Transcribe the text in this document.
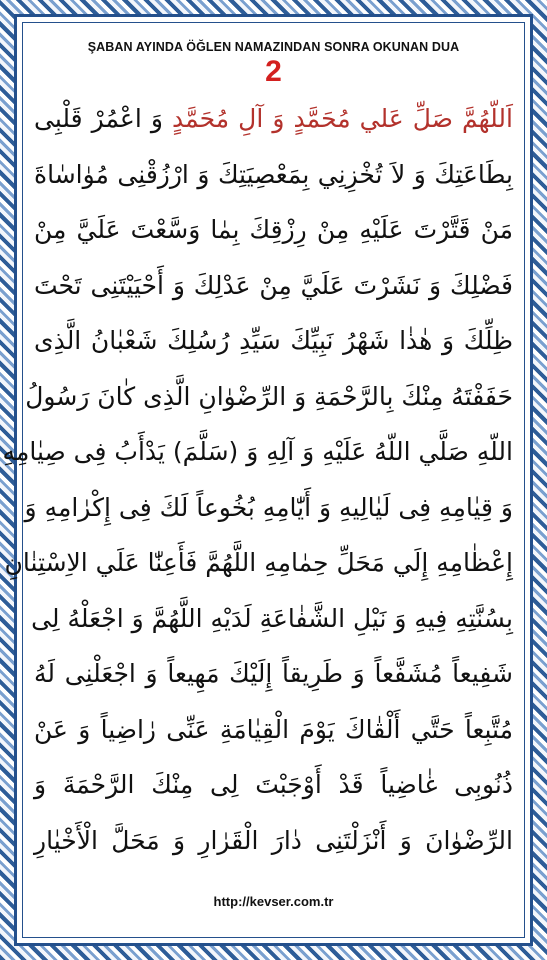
ŞABAN AYINDA ÖĞLEN NAMAZINDAN SONRA OKUNAN DUA
2
اَللّهُمَّ صَلِّ عَلي مُحَمَّدٍ وَ آلِ مُحَمَّدٍ وَ اعْمُرْ قَلْبِى
بِطَاعَتِكَ وَ لاَ تُخْزِنِي بِمَعْصِيَتِكَ وَ ارْزُقْنِى مُوٰاسٰاةَ
مَنْ قَتَّرْتَ عَلَيْهِ مِنْ رِزْقِكَ بِمٰا وَسَّعْتَ عَلَيَّ مِنْ
فَضْلِكَ وَ نَشَرْتَ عَلَيَّ مِنْ عَدْلِكَ وَ أَحْيَيْتَنِى تَحْتَ
ظِلِّكَ وَ هٰذٰا شَهْرُ نَبِيِّكَ سَيِّدِ رُسُلِكَ شَعْبٰانُ الَّذِى
حَفَفْتَهُ مِنْكَ بِالرَّحْمَةِ وَ الرِّضْوٰانِ الَّذِى كٰانَ رَسُولُ
اللّهِ صَلَّي اللّهُ عَلَيْهِ وَ آلِهِ وَ (سَلَّمَ) يَدْأَبُ فِى صِيٰامِهِ
وَ قِيٰامِهِ فِى لَيٰالِيهِ وَ أَيّٰامِهِ بُخُوعاً لَكَ فِى إِكْرٰامِهِ وَ
إِعْظٰامِهِ إِلَي مَحَلِّ حِمٰامِهِ اللَّهُمَّ فَأَعِنّٰا عَلَي الاِسْتِنٰانِ
بِسُنَّتِهِ فِيهِ وَ نَيْلِ الشَّفٰاعَةِ لَدَيْهِ اللَّهُمَّ وَ اجْعَلْهُ لِى
شَفِيعاً مُشَفَّعاً وَ طَرِيقاً إِلَيْكَ مَهِيعاً وَ اجْعَلْنِى لَهُ
مُتَّبِعاً حَتَّي أَلْقٰاكَ يَوْمَ الْقِيٰامَةِ عَنِّى رٰاضِياً وَ عَنْ
ذُنُوبِى غٰاضِياً قَدْ أَوْجَبْتَ لِى مِنْكَ الرَّحْمَةَ وَ
الرِّضْوٰانَ وَ أَنْزَلْتَنِى دٰارَ الْقَرٰارِ وَ مَحَلَّ الْأَخْيٰارِ
http://kevser.com.tr
